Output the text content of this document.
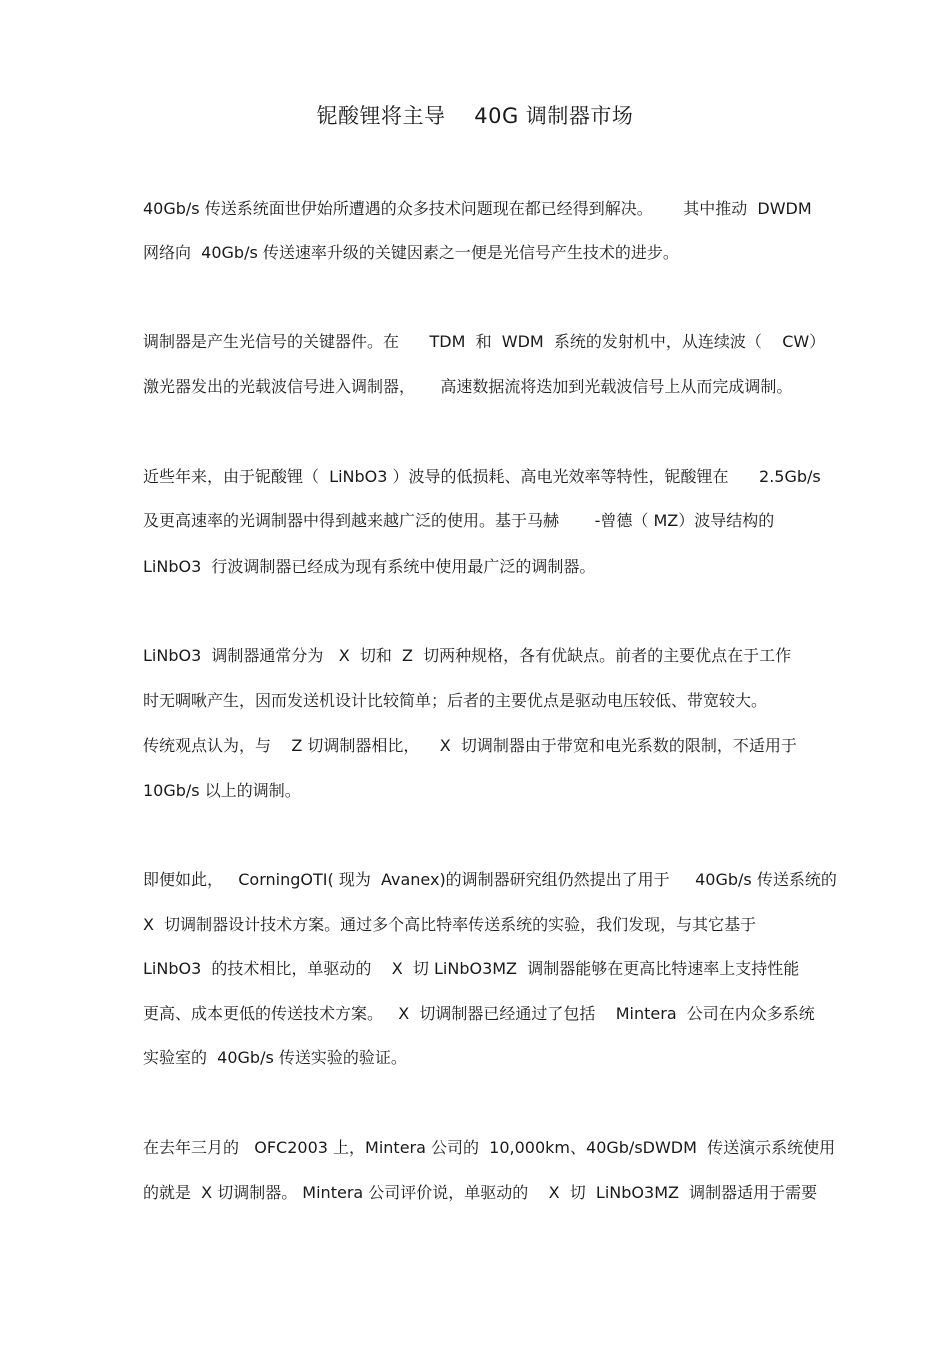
铌酸锂将主导    40G 调制器市场
40Gb/s 传送系统面世伊始所遭遇的众多技术问题现在都已经得到解决。      其中推动  DWDM
网络向  40Gb/s 传送速率升级的关键因素之一便是光信号产生技术的进步。
调制器是产生光信号的关键器件。在      TDM  和  WDM  系统的发射机中，从连续波（    CW）
激光器发出的光载波信号进入调制器，     高速数据流将迭加到光载波信号上从而完成调制。
近些年来，由于铌酸锂（  LiNbO3 ）波导的低损耗、高电光效率等特性，铌酸锂在      2.5Gb/s
及更高速率的光调制器中得到越来越广泛的使用。基于马赫       -曾德（ MZ）波导结构的
LiNbO3  行波调制器已经成为现有系统中使用最广泛的调制器。
LiNbO3  调制器通常分为   X  切和  Z  切两种规格，各有优缺点。前者的主要优点在于工作
时无啁啾产生，因而发送机设计比较简单；后者的主要优点是驱动电压较低、带宽较大。
传统观点认为，与    Z 切调制器相比，    X  切调制器由于带宽和电光系数的限制，不适用于
10Gb/s 以上的调制。
即便如此，   CorningOTI( 现为  Avanex)的调制器研究组仍然提出了用于     40Gb/s 传送系统的
X  切调制器设计技术方案。通过多个高比特率传送系统的实验，我们发现，与其它基于
LiNbO3  的技术相比，单驱动的    X  切 LiNbO3MZ  调制器能够在更高比特速率上支持性能
更高、成本更低的传送技术方案。   X  切调制器已经通过了包括    Mintera  公司在内众多系统
实验室的  40Gb/s 传送实验的验证。
在去年三月的   OFC2003 上，Mintera 公司的  10,000km、40Gb/sDWDM  传送演示系统使用
的就是  X 切调制器。 Mintera 公司评价说，单驱动的    X  切  LiNbO3MZ  调制器适用于需要
